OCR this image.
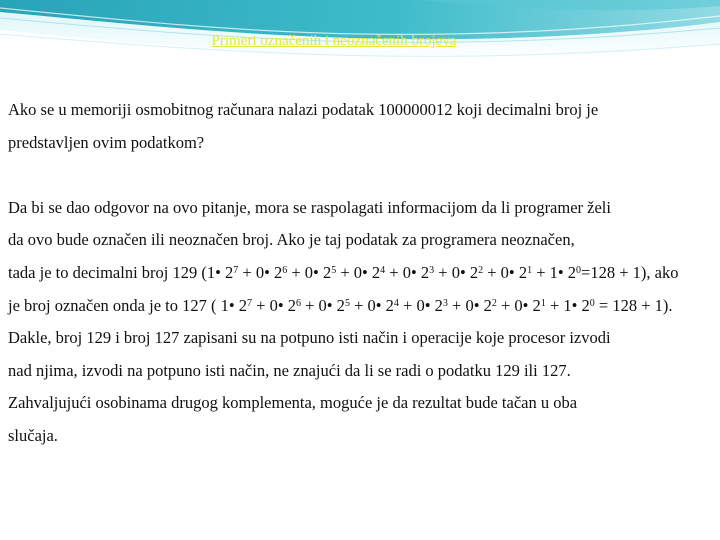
Primeri označenih i neoznačenih brojeva

Ako se u memoriji osmobitnog računara nalazi podatak 100000012 koji decimalni broj je

predstavljen ovim podatkom?

Da bi se dao odgovor na ovo pitanje, mora se raspolagati informacijom da li programer želi

da ovo bude označen ili neoznačen broj. Ako je taj podatak za programera neoznačen,

tada je to decimalni broj 129 (1• $2^7$ + 0• $2^6$ + 0• $2^5$ + 0• $2^4$ + 0• $2^3$ + 0• $2^2$ + 0• $2^1$ + 1• $2^0=128 + 1$), ako

je broj označen onda je to 127 ( 1• $2^7$ + 0• $2^6$ + 0• $2^5$ + 0• $2^4$ + 0• $2^3$ + 0• $2^2$ + 0• $2^1$ + 1• $2^0 = 128 + 1$).

Dakle, broj 129 i broj 127 zapisani su na potpuno isti način i operacije koje procesor izvodi

nad njima, izvodi na potpuno isti način, ne znajući da li se radi o podatku 129 ili 127.

Zahvaljujući osobinama drugog komplementa, moguće je da rezultat bude tačan u oba

slučaja.
